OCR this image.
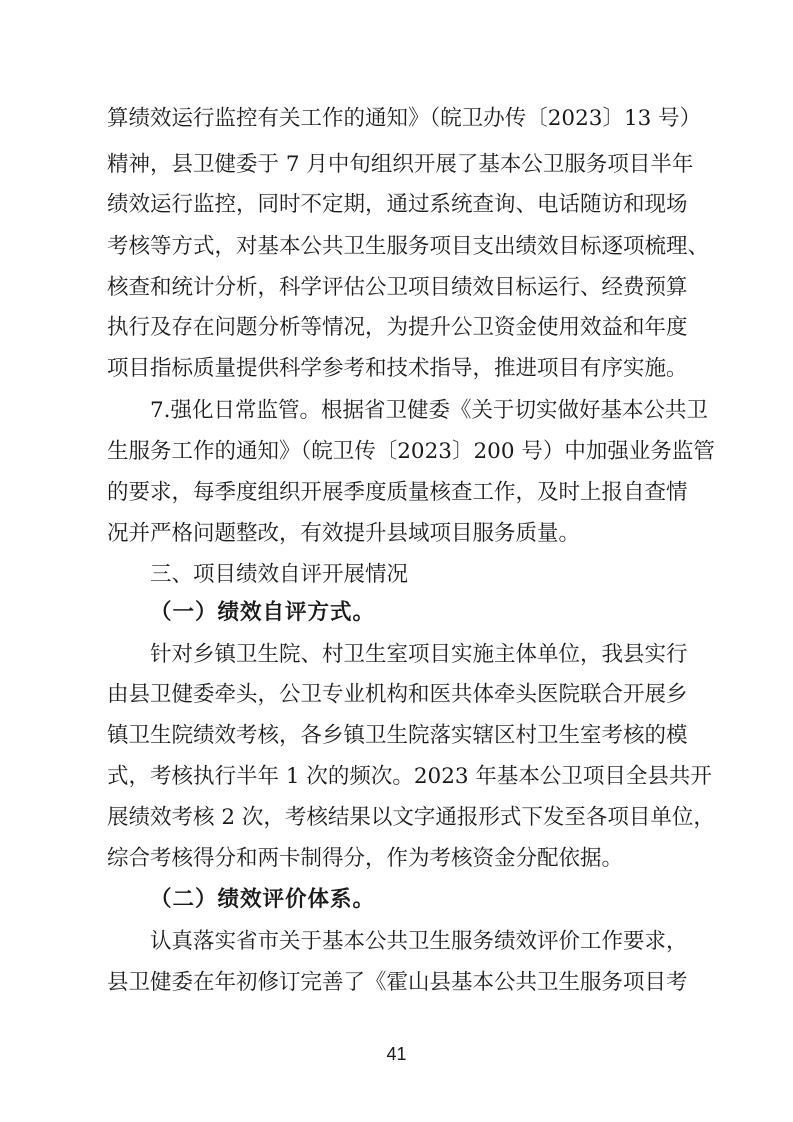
算绩效运行监控有关工作的通知》（皖卫办传〔2023〕13 号）
精神，县卫健委于 7 月中旬组织开展了基本公卫服务项目半年
绩效运行监控，同时不定期，通过系统查询、电话随访和现场
考核等方式，对基本公共卫生服务项目支出绩效目标逐项梳理、
核查和统计分析，科学评估公卫项目绩效目标运行、经费预算
执行及存在问题分析等情况，为提升公卫资金使用效益和年度
项目指标质量提供科学参考和技术指导，推进项目有序实施。
7.强化日常监管。根据省卫健委《关于切实做好基本公共卫
生服务工作的通知》（皖卫传〔2023〕200 号）中加强业务监管
的要求，每季度组织开展季度质量核查工作，及时上报自查情
况并严格问题整改，有效提升县域项目服务质量。
三、项目绩效自评开展情况
（一）绩效自评方式。
针对乡镇卫生院、村卫生室项目实施主体单位，我县实行
由县卫健委牵头，公卫专业机构和医共体牵头医院联合开展乡
镇卫生院绩效考核，各乡镇卫生院落实辖区村卫生室考核的模
式，考核执行半年 1 次的频次。2023 年基本公卫项目全县共开
展绩效考核 2 次，考核结果以文字通报形式下发至各项目单位，
综合考核得分和两卡制得分，作为考核资金分配依据。
（二）绩效评价体系。
认真落实省市关于基本公共卫生服务绩效评价工作要求，
县卫健委在年初修订完善了《霍山县基本公共卫生服务项目考
41
